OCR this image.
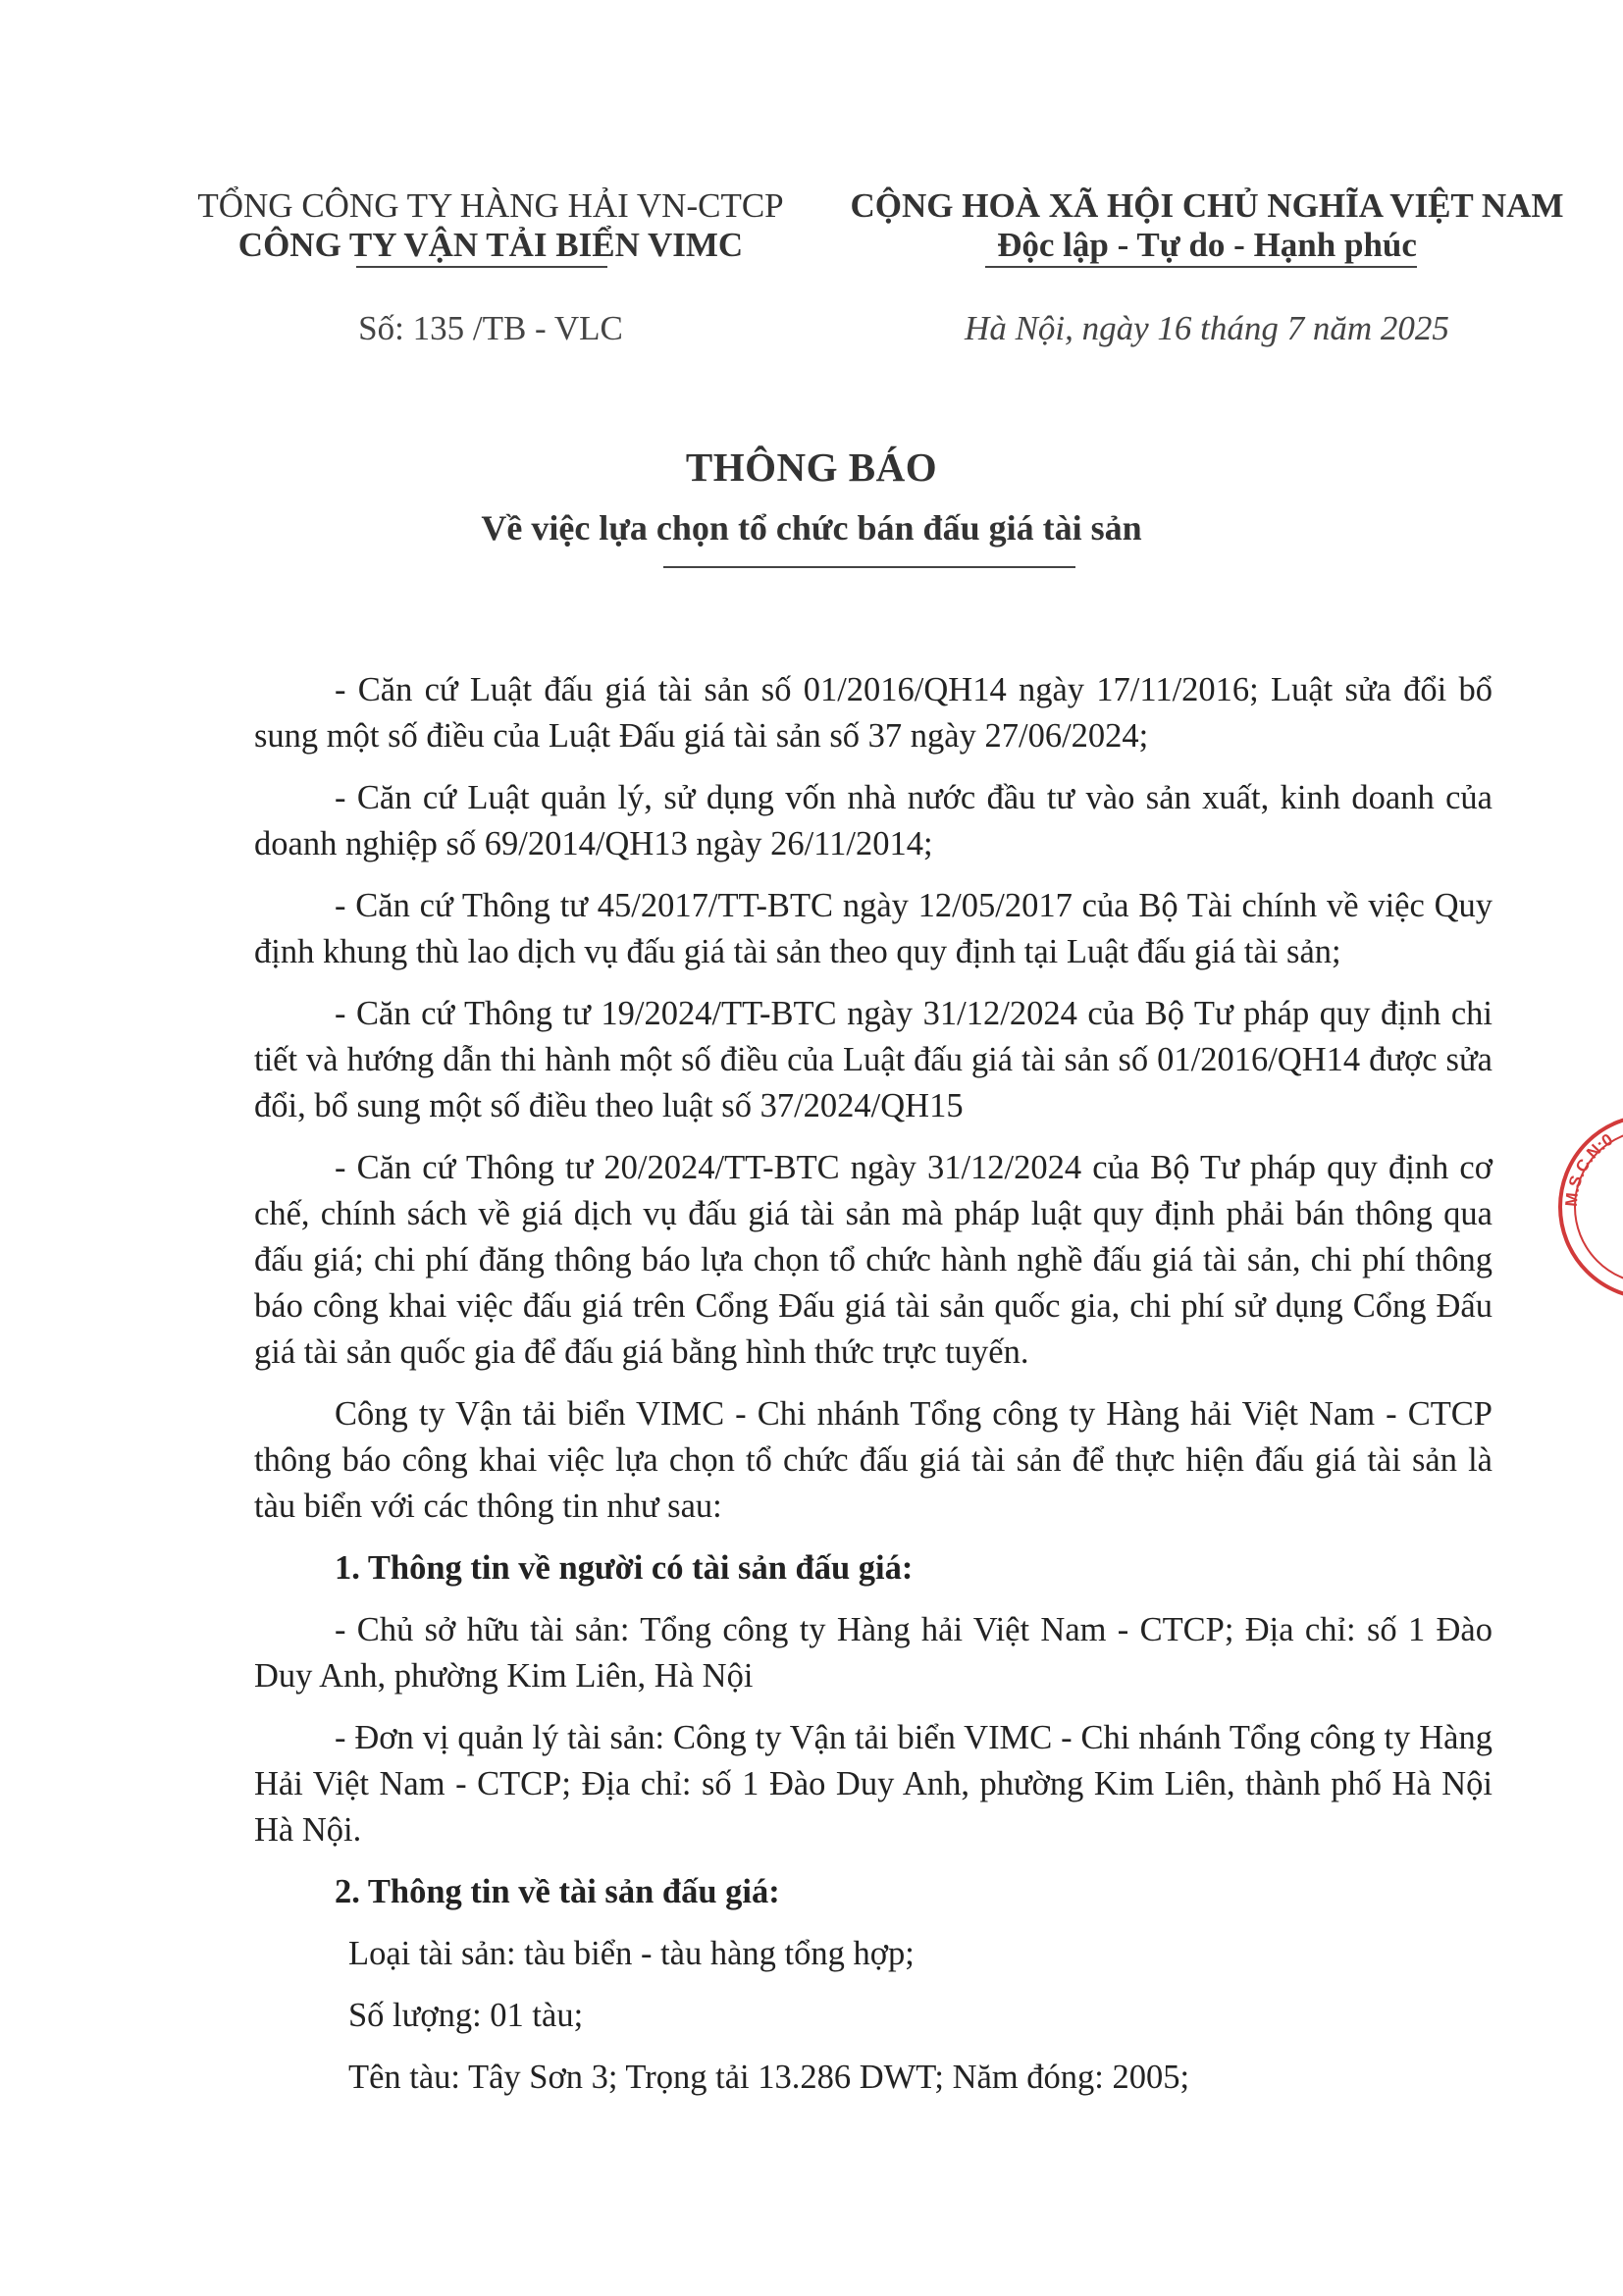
TỔNG CÔNG TY HÀNG HẢI VN-CTCP
CÔNG TY VẬN TẢI BIỂN VIMC
CỘNG HOÀ XÃ HỘI CHỦ NGHĨA VIỆT NAM
Độc lập - Tự do - Hạnh phúc
Số: 135 /TB - VLC	Hà Nội, ngày 16 tháng 7 năm 2025
THÔNG BÁO
Về việc lựa chọn tổ chức bán đấu giá tài sản

- Căn cứ Luật đấu giá tài sản số 01/2016/QH14 ngày 17/11/2016; Luật sửa đổi bổ sung một số điều của Luật Đấu giá tài sản số 37 ngày 27/06/2024;

- Căn cứ Luật quản lý, sử dụng vốn nhà nước đầu tư vào sản xuất, kinh doanh của doanh nghiệp số 69/2014/QH13 ngày 26/11/2014;

- Căn cứ Thông tư 45/2017/TT-BTC ngày 12/05/2017 của Bộ Tài chính về việc Quy định khung thù lao dịch vụ đấu giá tài sản theo quy định tại Luật đấu giá tài sản;

- Căn cứ Thông tư 19/2024/TT-BTC ngày 31/12/2024 của Bộ Tư pháp quy định chi tiết và hướng dẫn thi hành một số điều của Luật đấu giá tài sản số 01/2016/QH14 được sửa đổi, bổ sung một số điều theo luật số 37/2024/QH15

- Căn cứ Thông tư 20/2024/TT-BTC ngày 31/12/2024 của Bộ Tư pháp quy định cơ chế, chính sách về giá dịch vụ đấu giá tài sản mà pháp luật quy định phải bán thông qua đấu giá; chi phí đăng thông báo lựa chọn tổ chức hành nghề đấu giá tài sản, chi phí thông báo công khai việc đấu giá trên Cổng Đấu giá tài sản quốc gia, chi phí sử dụng Cổng Đấu giá tài sản quốc gia để đấu giá bằng hình thức trực tuyến.

Công ty Vận tải biển VIMC - Chi nhánh Tổng công ty Hàng hải Việt Nam - CTCP thông báo công khai việc lựa chọn tổ chức đấu giá tài sản để thực hiện đấu giá tài sản là tàu biển với các thông tin như sau:

1. Thông tin về người có tài sản đấu giá:

- Chủ sở hữu tài sản: Tổng công ty Hàng hải Việt Nam - CTCP; Địa chỉ: số 1 Đào Duy Anh, phường Kim Liên, Hà Nội

- Đơn vị quản lý tài sản: Công ty Vận tải biển VIMC - Chi nhánh Tổng công ty Hàng Hải Việt Nam - CTCP; Địa chỉ: số 1 Đào Duy Anh, phường Kim Liên, thành phố Hà Nội Hà Nội.

2. Thông tin về tài sản đấu giá:

Loại tài sản: tàu biển - tàu hàng tổng hợp;

Số lượng: 01 tàu;

Tên tàu: Tây Sơn 3; Trọng tải 13.286 DWT; Năm đóng: 2005;

M.S.C.N:0
